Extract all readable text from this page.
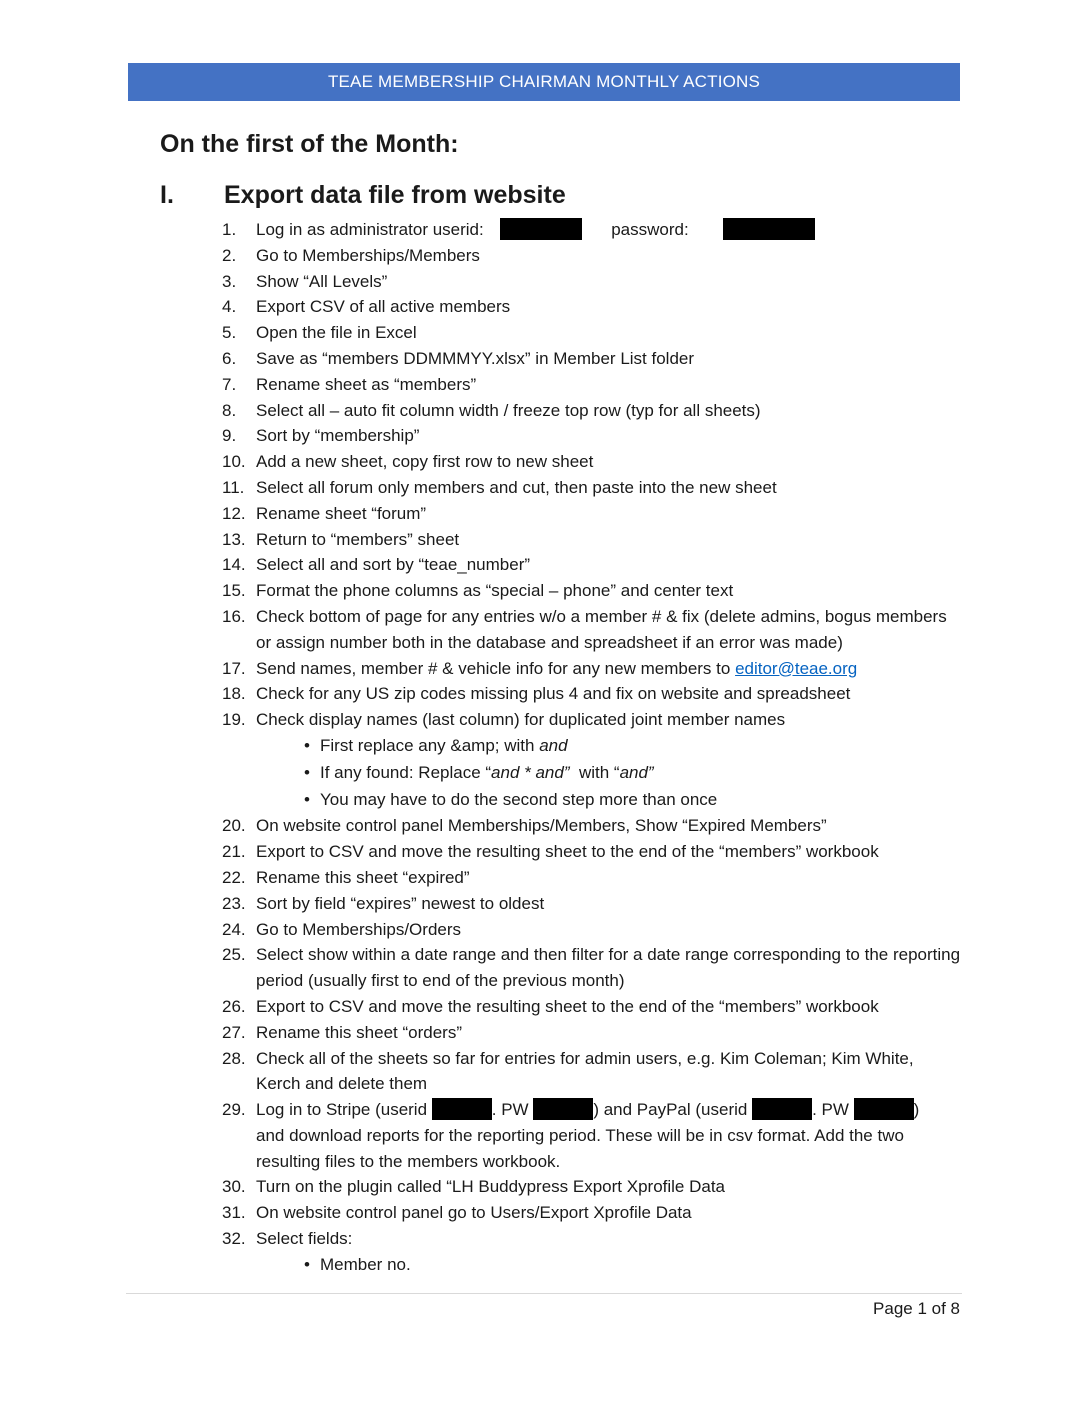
TEAE MEMBERSHIP CHAIRMAN MONTHLY ACTIONS
On the first of the Month:
I. Export data file from website
1. Log in as administrator userid:	password:
2. Go to Memberships/Members
3. Show “All Levels”
4. Export CSV of all active members
5. Open the file in Excel
6. Save as “members DDMMMYY.xlsx” in Member List folder
7. Rename sheet as “members”
8. Select all – auto fit column width / freeze top row (typ for all sheets)
9. Sort by “membership”
10. Add a new sheet, copy first row to new sheet
11. Select all forum only members and cut, then paste into the new sheet
12. Rename sheet “forum”
13. Return to “members” sheet
14. Select all and sort by “teae_number”
15. Format the phone columns as “special – phone” and center text
16. Check bottom of page for any entries w/o a member # & fix (delete admins, bogus members or assign number both in the database and spreadsheet if an error was made)
17. Send names, member # & vehicle info for any new members to editor@teae.org
18. Check for any US zip codes missing plus 4 and fix on website and spreadsheet
19. Check display names (last column) for duplicated joint member names
• First replace any &amp; with and
• If any found: Replace “and * and”  with “and”
• You may have to do the second step more than once
20. On website control panel Memberships/Members, Show “Expired Members”
21. Export to CSV and move the resulting sheet to the end of the “members” workbook
22. Rename this sheet “expired”
23. Sort by field “expires” newest to oldest
24. Go to Memberships/Orders
25. Select show within a date range and then filter for a date range corresponding to the reporting period (usually first to end of the previous month)
26. Export to CSV and move the resulting sheet to the end of the “members” workbook
27. Rename this sheet “orders”
28. Check all of the sheets so far for entries for admin users, e.g. Kim Coleman; Kim White, Kerch and delete them
29. Log in to Stripe (userid	. PW	) and PayPal (userid	. PW	)
and download reports for the reporting period. These will be in csv format. Add the two resulting files to the members workbook.
30. Turn on the plugin called “LH Buddypress Export Xprofile Data
31. On website control panel go to Users/Export Xprofile Data
32. Select fields:
• Member no.
Page 1 of 8
